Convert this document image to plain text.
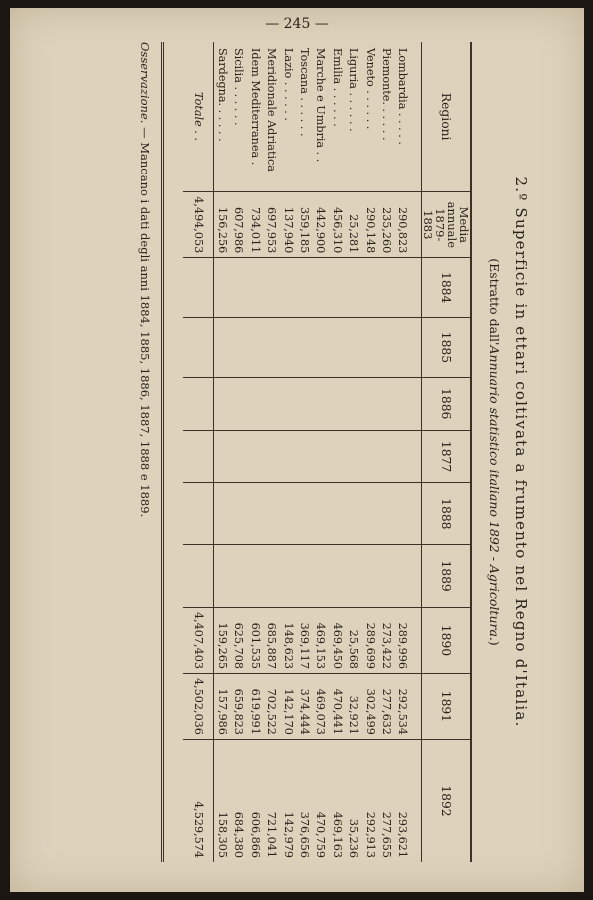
— 245 —
2.º Superficie in ettari coltivata a frumento nel Regno d'Italia.
(Estratto dall'Annuario statistico italiano 1892 - Agricoltura.)
Regioni	Media annuale 1879-1883	1884	1885	1886	1877	1888	1889	1890	1891	1892
Lombardia . . . . .	290,823							289,996	292,534	293,621
Piemonte. . . . . .	235,260							273,422	277,632	277,655
Veneto . . . . . .	290,148							289,699	302,499	292,913
Liguria . . . . . .	25,281							25,568	32,921	35,236
Emilia . . . . . .	456,310							469,450	470,441	469,163
Marche e Umbria . .	442,900							469,153	469,073	470,759
Toscana . . . . . .	359,185							369,117	374,444	376,656
Lazio . . . . . .	137,940							148,623	142,170	142,979
Meridionale Adriatica	697,953							685,887	702,522	721,041
Idem Mediterranea .	734,011							601,535	619,991	606,866
Sicilia . . . . . .	607,986							625,708	659,823	684,380
Sardegna. . . . . .	156,256							159,265	157,986	158,305
Totale . .	4,494,053							4,407,403	4,502,036	4,529,574
Osservazione. — Mancano i dati degli anni 1884, 1885, 1886, 1887, 1888 e 1889.
